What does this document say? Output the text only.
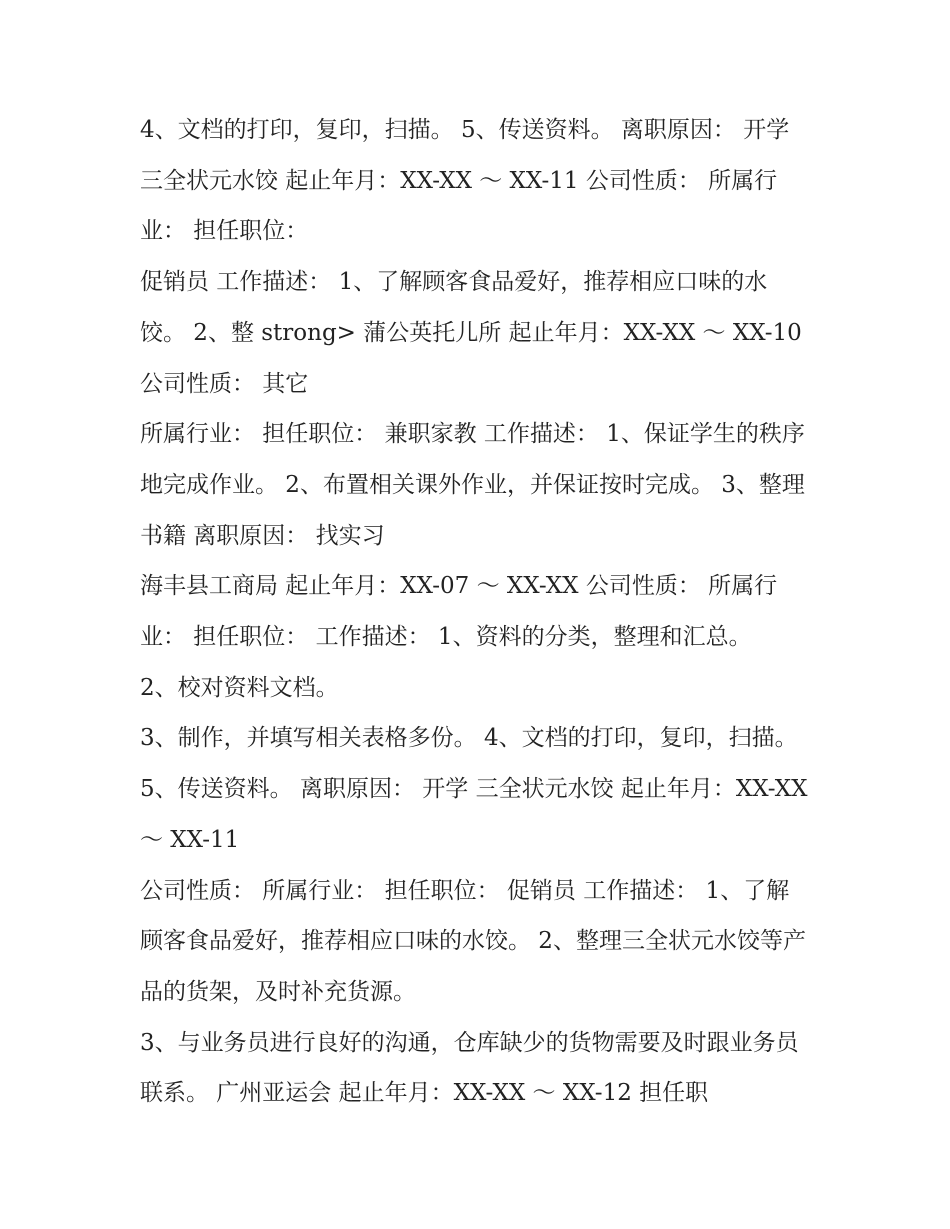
4、文档的打印，复印，扫描。 5、传送资料。 离职原因： 开学 三全状元水饺 起止年月：XX-XX ～ XX-11 公司性质： 所属行业： 担任职位：

促销员 工作描述： 1、了解顾客食品爱好，推荐相应口味的水饺。 2、整 strong> 蒲公英托儿所 起止年月：XX-XX ～ XX-10 公司性质： 其它

所属行业： 担任职位： 兼职家教 工作描述： 1、保证学生的秩序地完成作业。 2、布置相关课外作业，并保证按时完成。 3、整理书籍 离职原因： 找实习

海丰县工商局 起止年月：XX-07 ～ XX-XX 公司性质： 所属行业： 担任职位： 工作描述： 1、资料的分类，整理和汇总。

2、校对资料文档。

3、制作，并填写相关表格多份。 4、文档的打印，复印，扫描。 5、传送资料。 离职原因： 开学 三全状元水饺 起止年月：XX-XX ～ XX-11

公司性质： 所属行业： 担任职位： 促销员 工作描述： 1、了解顾客食品爱好，推荐相应口味的水饺。 2、整理三全状元水饺等产品的货架，及时补充货源。

3、与业务员进行良好的沟通，仓库缺少的货物需要及时跟业务员联系。 广州亚运会 起止年月：XX-XX ～ XX-12 担任职
